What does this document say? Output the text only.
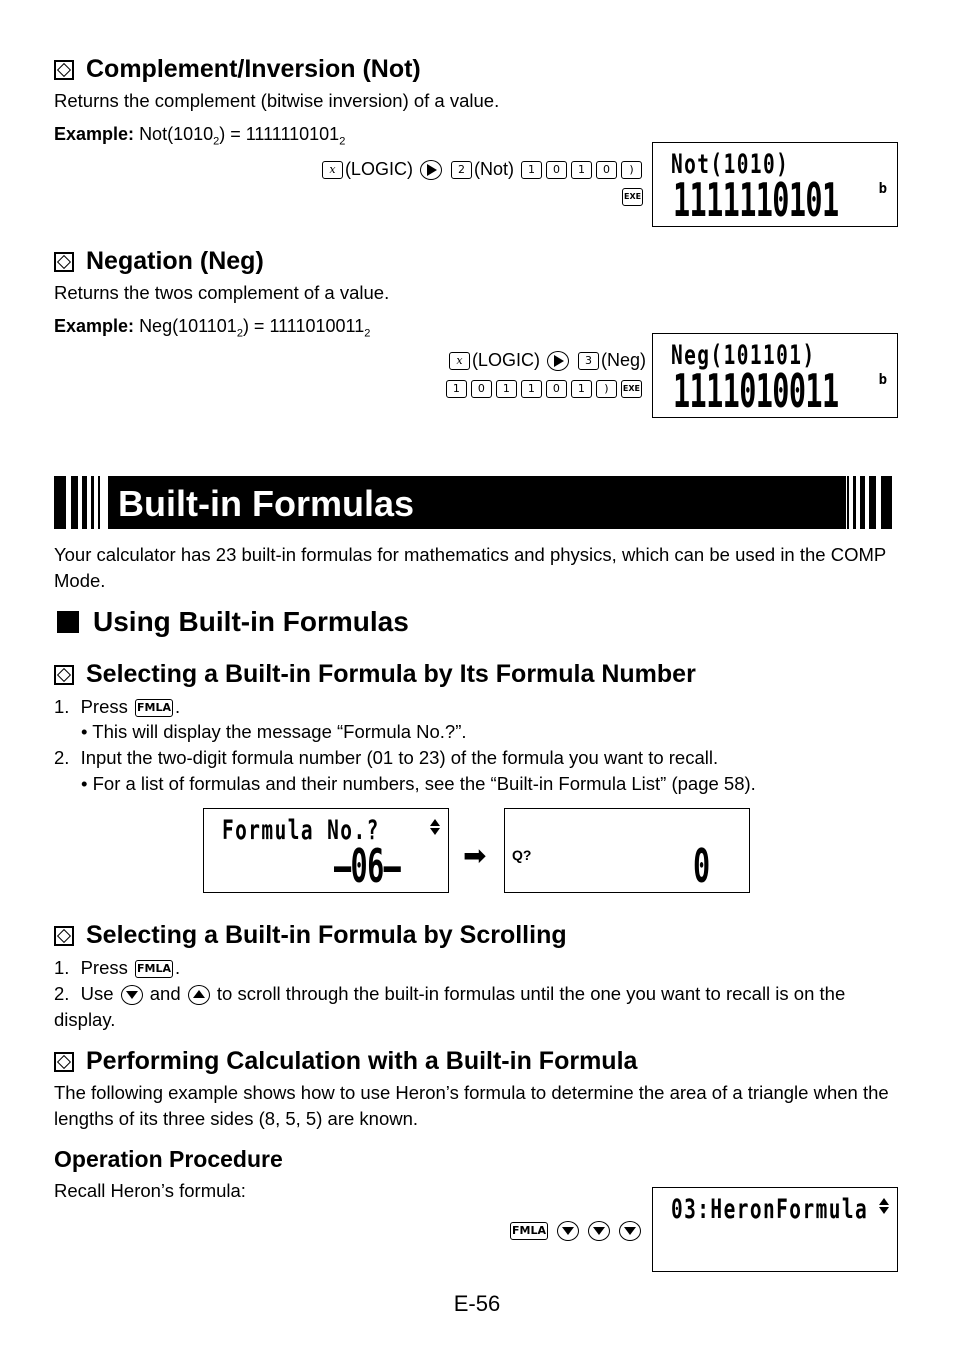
Complement/Inversion (Not)
Returns the complement (bitwise inversion) of a value.
Example: $Not(1010_2) = 1111110101_2$
x (LOGIC)	2 (Not) 1 0 1 0 )
EXE
Not(1010)
1111110101	b
Negation (Neg)
Returns the twos complement of a value.
Example: $Neg(101101_2) = 1111010011_2$
x (LOGIC)	3 (Neg)
1 0 1 1 0 1 ) EXE
Neg(101101)
1111010011	b
Built-in Formulas
Your calculator has 23 built-in formulas for mathematics and physics, which can be used in the COMP Mode.
Using Built-in Formulas
Selecting a Built-in Formula by Its Formula Number
1. Press FMLA .
• This will display the message “Formula No.?”.
2. Input the two-digit formula number (01 to 23) of the formula you want to recall.
• For a list of formulas and their numbers, see the “Built-in Formula List” (page 58).
Formula No.?
–06– ➡ Q?	0
Selecting a Built-in Formula by Scrolling
1. Press FMLA .
2. Use and to scroll through the built-in formulas until the one you want to recall is on the display.
Performing Calculation with a Built-in Formula
The following example shows how to use Heron’s formula to determine the area of a triangle when the lengths of its three sides (8, 5, 5) are known.
Operation Procedure
Recall Heron’s formula:
FMLA

03:HeronFormula
E-56
